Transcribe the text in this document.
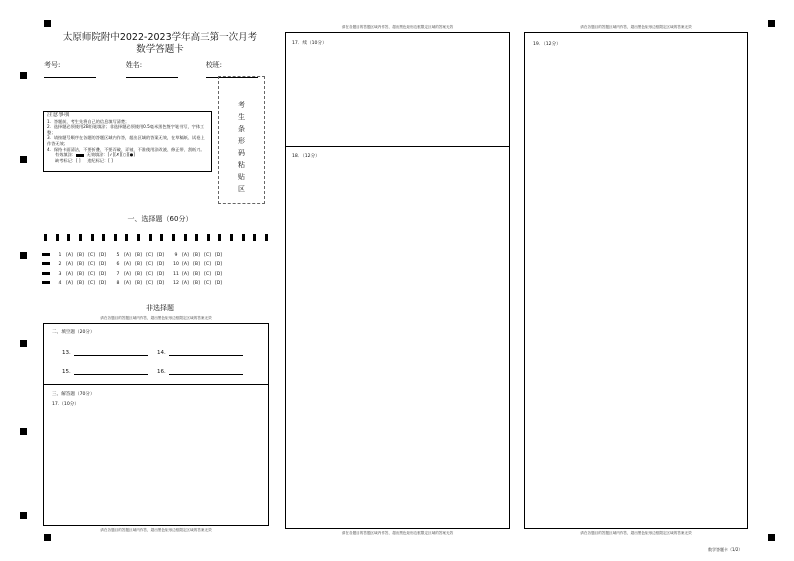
太原师院附中2022-2023学年高三第一次月考
数学答题卡
考号:	姓名:	校班:
注意事项
1．答题前，考生先将自己的信息填写清楚；
2．选择题必须使用2B铅笔填涂；非选择题必须使用0.5毫米黑色签字笔书写，字体工整；
3．请按题号顺序在各题的答题区域内作答，超出区域的答案无效，在草稿纸、试卷上作答无效；
4．保持卡面清洁，不要折叠、不要弄破、弄皱，不准使用涂改液、修正带、刮纸刀。
有效填涂：	无效填涂：[✓][✗][○][●]
缺考标记：[ ] 违纪标记：[ ]
考生条形码粘贴区
一、选择题（60分）
1 [A] [B] [C] [D] 5 [A] [B] [C] [D] 9 [A] [B] [C] [D]
2 [A] [B] [C] [D] 6 [A] [B] [C] [D] 10 [A] [B] [C] [D]
3 [A] [B] [C] [D] 7 [A] [B] [C] [D] 11 [A] [B] [C] [D]
4 [A] [B] [C] [D] 8 [A] [B] [C] [D] 12 [A] [B] [C] [D]
非选择题
请在各题目的答题区域内作答，超出黑色矩形边框限定区域的答案无效
二、填空题（20分）
13.	14.
15.	16.
三、解答题（70分）
17.（10分）
请在各题目的答题区域内作答，超出黑色矩形边框限定区域的答案无效
请在各题目的答题区域内作答，超出黑色矩形边框限定区域的答案无效
17．续（10分）
18．（12分）
请在各题目的答题区域内作答，超出黑色矩形边框限定区域的答案无效
请在各题目的答题区域内作答，超出黑色矩形边框限定区域的答案无效
19．（12分）
请在各题目的答题区域内作答，超出黑色矩形边框限定区域的答案无效
数学答题卡（1/2）
